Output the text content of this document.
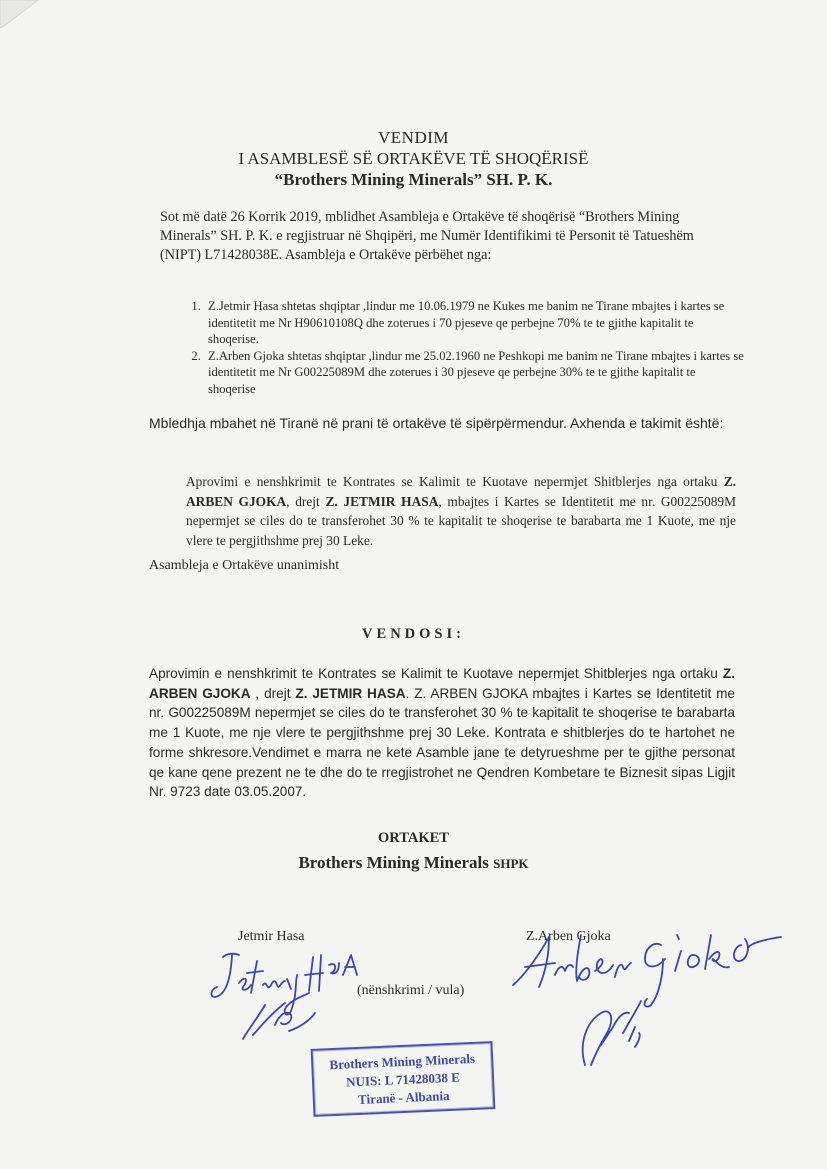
VENDIM
I ASAMBLESË SË ORTAKËVE TË SHOQËRISË
“Brothers Mining Minerals” SH. P. K.
Sot më datë 26 Korrik 2019, mblidhet Asambleja e Ortakëve të shoqërisë “Brothers Mining Minerals” SH. P. K. e regjistruar në Shqipëri, me Numër Identifikimi të Personit të Tatueshëm (NIPT) L71428038E. Asambleja e Ortakëve përbëhet nga:
1. Z.Jetmir Hasa shtetas shqiptar ,lindur me 10.06.1979 ne Kukes me banim ne Tirane mbajtes i kartes se identitetit me Nr H90610108Q dhe zoterues i 70 pjeseve qe perbejne 70% te te gjithe kapitalit te shoqerise.
2. Z.Arben Gjoka shtetas shqiptar ,lindur me 25.02.1960 ne Peshkopi me banim ne Tirane mbajtes i kartes se identitetit me Nr G00225089M dhe zoterues i 30 pjeseve qe perbejne 30% te te gjithe kapitalit te shoqerise
Mbledhja mbahet në Tiranë në prani të ortakëve të sipërpërmendur. Axhenda e takimit është:
Aprovimi e nenshkrimit te Kontrates se Kalimit te Kuotave nepermjet Shitblerjes nga ortaku Z. ARBEN GJOKA, drejt Z. JETMIR HASA, mbajtes i Kartes se Identitetit me nr. G00225089M nepermjet se ciles do te transferohet 30 % te kapitalit te shoqerise te barabarta me 1 Kuote, me nje vlere te pergjithshme prej 30 Leke.
Asambleja e Ortakëve unanimisht
VENDOSI:
Aprovimin e nenshkrimit te Kontrates se Kalimit te Kuotave nepermjet Shitblerjes nga ortaku Z. ARBEN GJOKA , drejt Z. JETMIR HASA. Z. ARBEN GJOKA mbajtes i Kartes se Identitetit me nr. G00225089M nepermjet se ciles do te transferohet 30 % te kapitalit te shoqerise te barabarta me 1 Kuote, me nje vlere te pergjithshme prej 30 Leke. Kontrata e shitblerjes do te hartohet ne forme shkresore.Vendimet e marra ne kete Asamble jane te detyrueshme per te gjithe personat qe kane qene prezent ne te dhe do te rregjistrohet ne Qendren Kombetare te Biznesit sipas Ligjit Nr. 9723 date 03.05.2007.
ORTAKET
Brothers Mining Minerals SHPK
Jetmir Hasa	Z.Arben Gjoka
(nënshkrimi / vula)
Brothers Mining Minerals
NUIS: L 71428038 E
Tiranë - Albania
